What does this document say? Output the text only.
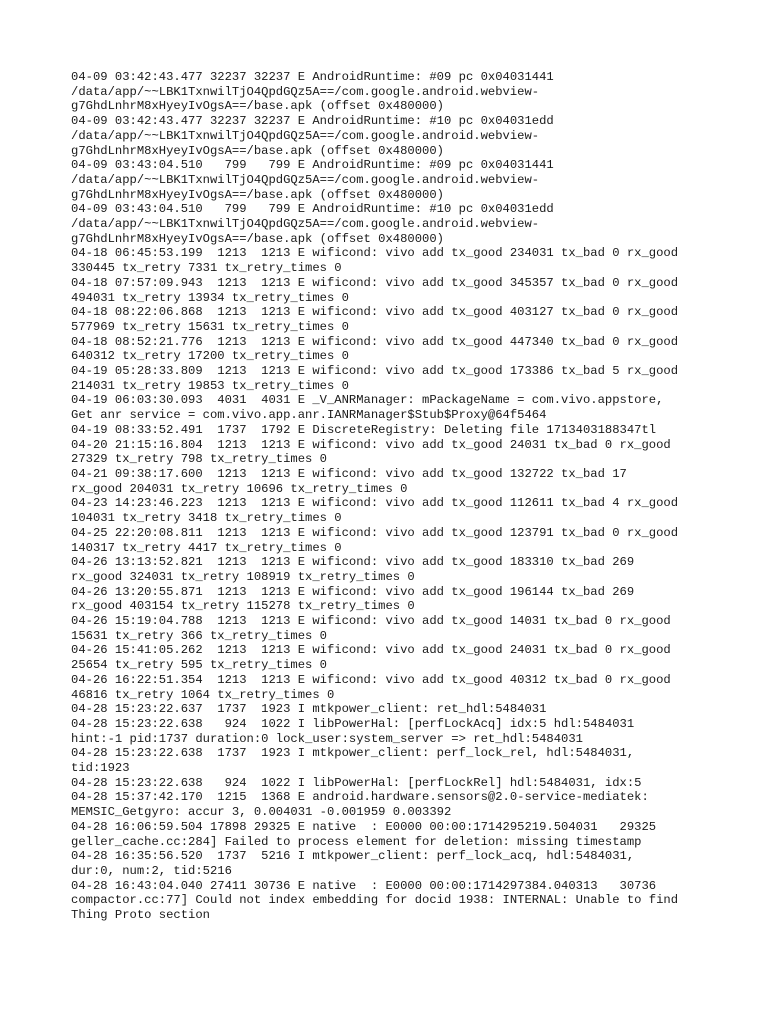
04-09 03:42:43.477 32237 32237 E AndroidRuntime: #09 pc 0x04031441
/data/app/~~LBK1TxnwilTjO4QpdGQz5A==/com.google.android.webview-
g7GhdLnhrM8xHyeyIvOgsA==/base.apk (offset 0x480000)
04-09 03:42:43.477 32237 32237 E AndroidRuntime: #10 pc 0x04031edd
/data/app/~~LBK1TxnwilTjO4QpdGQz5A==/com.google.android.webview-
g7GhdLnhrM8xHyeyIvOgsA==/base.apk (offset 0x480000)
04-09 03:43:04.510   799   799 E AndroidRuntime: #09 pc 0x04031441
/data/app/~~LBK1TxnwilTjO4QpdGQz5A==/com.google.android.webview-
g7GhdLnhrM8xHyeyIvOgsA==/base.apk (offset 0x480000)
04-09 03:43:04.510   799   799 E AndroidRuntime: #10 pc 0x04031edd
/data/app/~~LBK1TxnwilTjO4QpdGQz5A==/com.google.android.webview-
g7GhdLnhrM8xHyeyIvOgsA==/base.apk (offset 0x480000)
04-18 06:45:53.199  1213  1213 E wificond: vivo add tx_good 234031 tx_bad 0 rx_good
330445 tx_retry 7331 tx_retry_times 0
04-18 07:57:09.943  1213  1213 E wificond: vivo add tx_good 345357 tx_bad 0 rx_good
494031 tx_retry 13934 tx_retry_times 0
04-18 08:22:06.868  1213  1213 E wificond: vivo add tx_good 403127 tx_bad 0 rx_good
577969 tx_retry 15631 tx_retry_times 0
04-18 08:52:21.776  1213  1213 E wificond: vivo add tx_good 447340 tx_bad 0 rx_good
640312 tx_retry 17200 tx_retry_times 0
04-19 05:28:33.809  1213  1213 E wificond: vivo add tx_good 173386 tx_bad 5 rx_good
214031 tx_retry 19853 tx_retry_times 0
04-19 06:03:30.093  4031  4031 E _V_ANRManager: mPackageName = com.vivo.appstore,
Get anr service = com.vivo.app.anr.IANRManager$Stub$Proxy@64f5464
04-19 08:33:52.491  1737  1792 E DiscreteRegistry: Deleting file 1713403188347tl
04-20 21:15:16.804  1213  1213 E wificond: vivo add tx_good 24031 tx_bad 0 rx_good
27329 tx_retry 798 tx_retry_times 0
04-21 09:38:17.600  1213  1213 E wificond: vivo add tx_good 132722 tx_bad 17
rx_good 204031 tx_retry 10696 tx_retry_times 0
04-23 14:23:46.223  1213  1213 E wificond: vivo add tx_good 112611 tx_bad 4 rx_good
104031 tx_retry 3418 tx_retry_times 0
04-25 22:20:08.811  1213  1213 E wificond: vivo add tx_good 123791 tx_bad 0 rx_good
140317 tx_retry 4417 tx_retry_times 0
04-26 13:13:52.821  1213  1213 E wificond: vivo add tx_good 183310 tx_bad 269
rx_good 324031 tx_retry 108919 tx_retry_times 0
04-26 13:20:55.871  1213  1213 E wificond: vivo add tx_good 196144 tx_bad 269
rx_good 403154 tx_retry 115278 tx_retry_times 0
04-26 15:19:04.788  1213  1213 E wificond: vivo add tx_good 14031 tx_bad 0 rx_good
15631 tx_retry 366 tx_retry_times 0
04-26 15:41:05.262  1213  1213 E wificond: vivo add tx_good 24031 tx_bad 0 rx_good
25654 tx_retry 595 tx_retry_times 0
04-26 16:22:51.354  1213  1213 E wificond: vivo add tx_good 40312 tx_bad 0 rx_good
46816 tx_retry 1064 tx_retry_times 0
04-28 15:23:22.637  1737  1923 I mtkpower_client: ret_hdl:5484031
04-28 15:23:22.638   924  1022 I libPowerHal: [perfLockAcq] idx:5 hdl:5484031
hint:-1 pid:1737 duration:0 lock_user:system_server => ret_hdl:5484031
04-28 15:23:22.638  1737  1923 I mtkpower_client: perf_lock_rel, hdl:5484031,
tid:1923
04-28 15:23:22.638   924  1022 I libPowerHal: [perfLockRel] hdl:5484031, idx:5
04-28 15:37:42.170  1215  1368 E android.hardware.sensors@2.0-service-mediatek:
MEMSIC_Getgyro: accur 3, 0.004031 -0.001959 0.003392
04-28 16:06:59.504 17898 29325 E native  : E0000 00:00:1714295219.504031   29325
geller_cache.cc:284] Failed to process element for deletion: missing timestamp
04-28 16:35:56.520  1737  5216 I mtkpower_client: perf_lock_acq, hdl:5484031,
dur:0, num:2, tid:5216
04-28 16:43:04.040 27411 30736 E native  : E0000 00:00:1714297384.040313   30736
compactor.cc:77] Could not index embedding for docid 1938: INTERNAL: Unable to find
Thing Proto section
